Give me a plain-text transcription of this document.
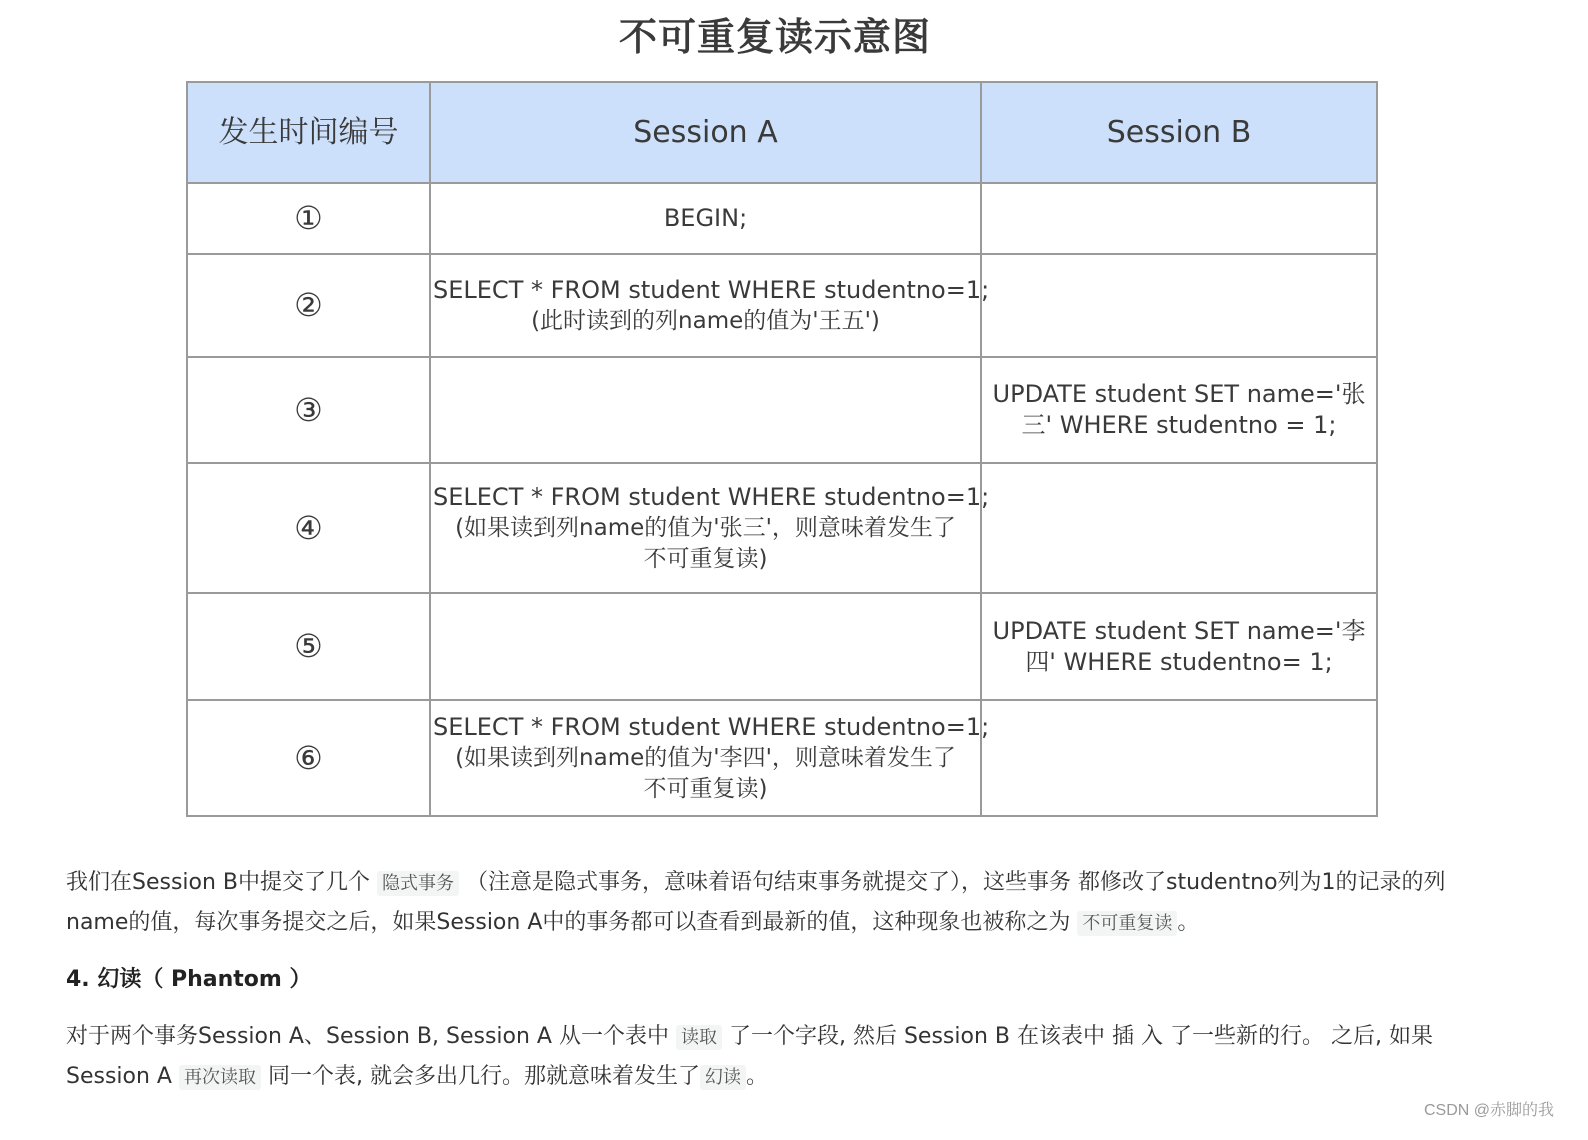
不可重复读示意图
发生时间编号	Session A	Session B
①	BEGIN;	

②	SELECT * FROM student WHERE studentno=1;
(此时读到的列name的值为'王五')	

③		UPDATE student SET name='张
三' WHERE studentno = 1;

④	SELECT * FROM student WHERE studentno=1;
(如果读到列name的值为'张三'，则意味着发生了
不可重复读)	

⑤		UPDATE student SET name='李
四' WHERE studentno= 1;

⑥	SELECT * FROM student WHERE studentno=1;
(如果读到列name的值为'李四'，则意味着发生了
不可重复读)	

我们在Session B中提交了几个 隐式事务 （注意是隐式事务，意味着语句结束事务就提交了），这些事务 都修改了studentno列为1的记录的列name的值，每次事务提交之后，如果Session A中的事务都可以查看到最新的值，这种现象也被称之为 不可重复读 。

4. 幻读（ Phantom ）

对于两个事务Session A、Session B, Session A 从一个表中 读取 了一个字段, 然后 Session B 在该表中 插 入 了一些新的行。 之后, 如果 Session A 再次读取 同一个表, 就会多出几行。那就意味着发生了 幻读 。

CSDN @赤脚的我
